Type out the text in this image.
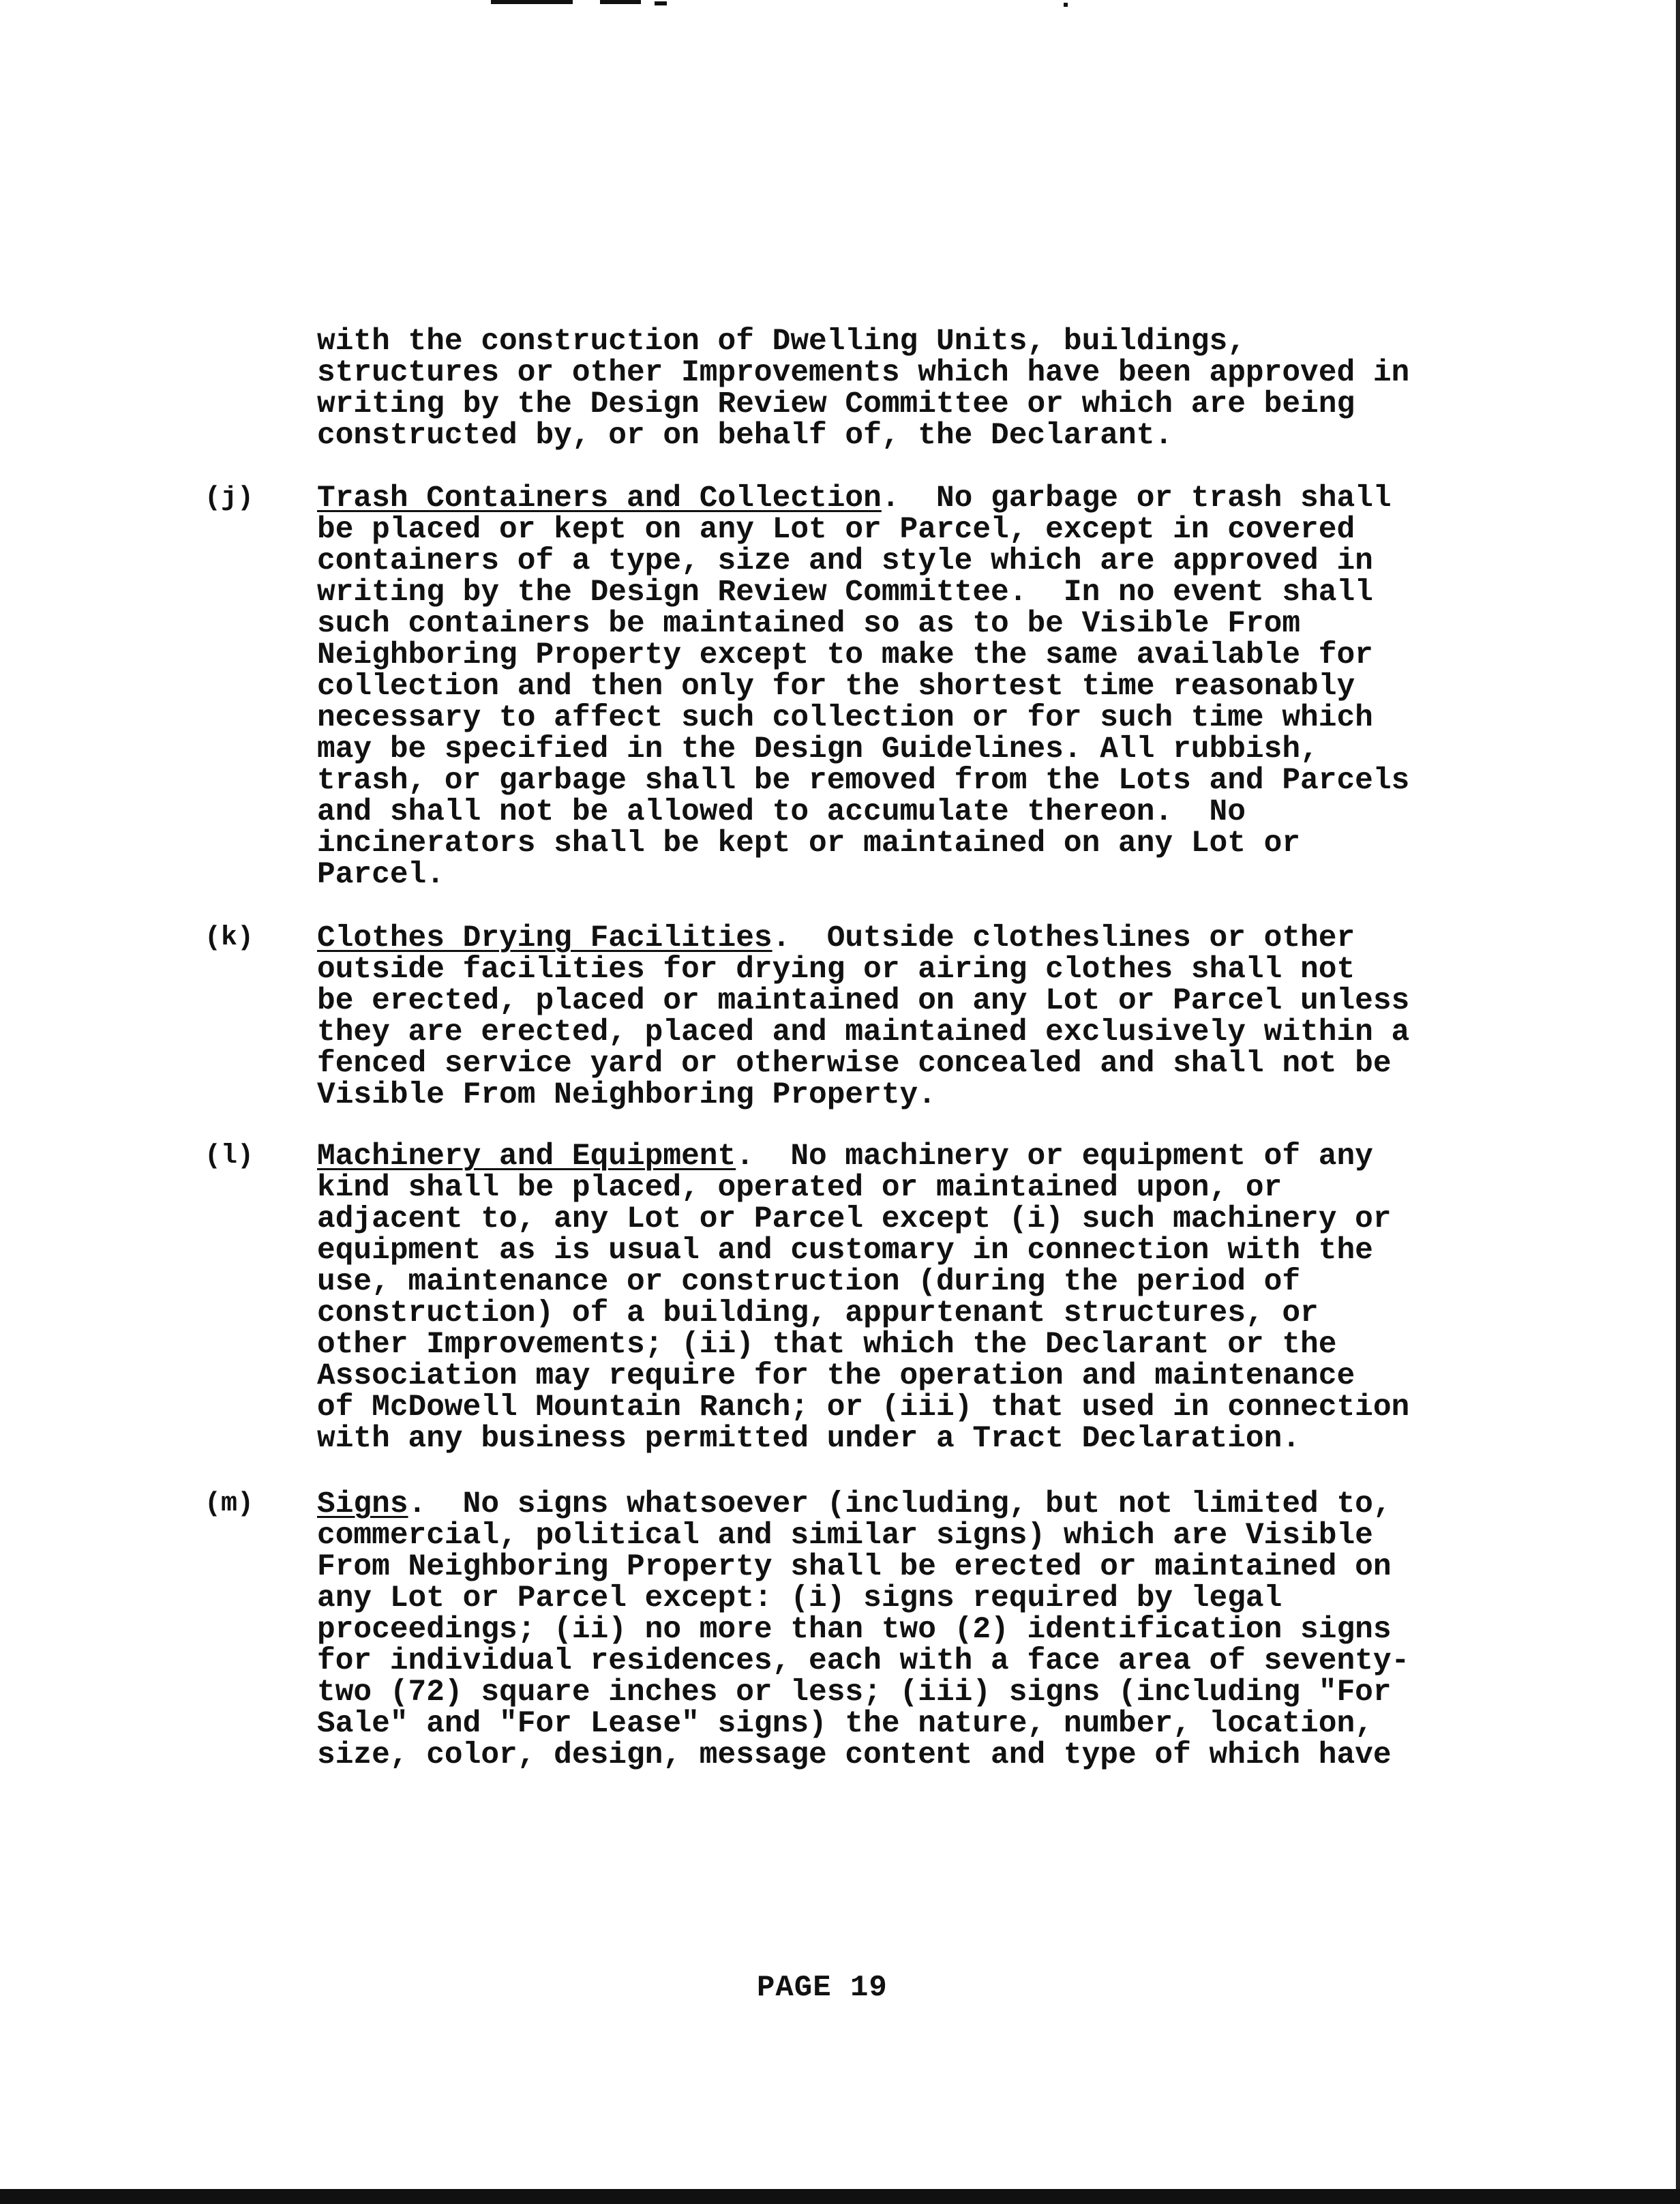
with the construction of Dwelling Units, buildings,
structures or other Improvements which have been approved in
writing by the Design Review Committee or which are being
constructed by, or on behalf of, the Declarant.
(j) Trash Containers and Collection.  No garbage or trash shall
be placed or kept on any Lot or Parcel, except in covered
containers of a type, size and style which are approved in
writing by the Design Review Committee.  In no event shall
such containers be maintained so as to be Visible From
Neighboring Property except to make the same available for
collection and then only for the shortest time reasonably
necessary to affect such collection or for such time which
may be specified in the Design Guidelines. All rubbish,
trash, or garbage shall be removed from the Lots and Parcels
and shall not be allowed to accumulate thereon.  No
incinerators shall be kept or maintained on any Lot or
Parcel.
(k) Clothes Drying Facilities.  Outside clotheslines or other
outside facilities for drying or airing clothes shall not
be erected, placed or maintained on any Lot or Parcel unless
they are erected, placed and maintained exclusively within a
fenced service yard or otherwise concealed and shall not be
Visible From Neighboring Property.
(l) Machinery and Equipment.  No machinery or equipment of any
kind shall be placed, operated or maintained upon, or
adjacent to, any Lot or Parcel except (i) such machinery or
equipment as is usual and customary in connection with the
use, maintenance or construction (during the period of
construction) of a building, appurtenant structures, or
other Improvements; (ii) that which the Declarant or the
Association may require for the operation and maintenance
of McDowell Mountain Ranch; or (iii) that used in connection
with any business permitted under a Tract Declaration.
(m) Signs.  No signs whatsoever (including, but not limited to,
commercial, political and similar signs) which are Visible
From Neighboring Property shall be erected or maintained on
any Lot or Parcel except: (i) signs required by legal
proceedings; (ii) no more than two (2) identification signs
for individual residences, each with a face area of seventy-
two (72) square inches or less; (iii) signs (including "For
Sale" and "For Lease" signs) the nature, number, location,
size, color, design, message content and type of which have
PAGE 19
